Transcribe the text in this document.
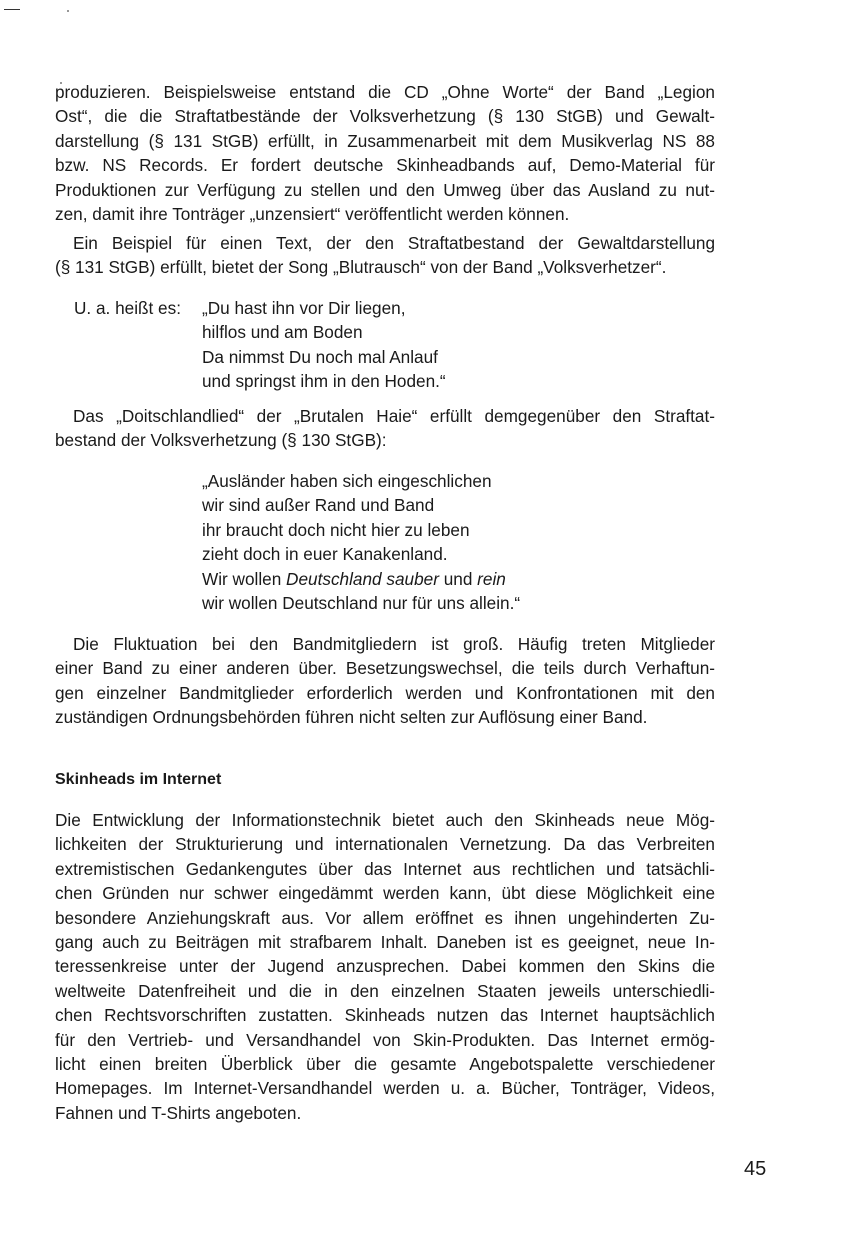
produzieren. Beispielsweise entstand die CD „Ohne Worte“ der Band „Legion
Ost“, die die Straftatbestände der Volksverhetzung (§ 130 StGB) und Gewalt-
darstellung (§ 131 StGB) erfüllt, in Zusammenarbeit mit dem Musikverlag NS 88
bzw. NS Records. Er fordert deutsche Skinheadbands auf, Demo-Material für
Produktionen zur Verfügung zu stellen und den Umweg über das Ausland zu nut-
zen, damit ihre Tonträger „unzensiert“ veröffentlicht werden können.
Ein Beispiel für einen Text, der den Straftatbestand der Gewaltdarstellung
(§ 131 StGB) erfüllt, bietet der Song „Blutrausch“ von der Band „Volksverhetzer“.
U. a. heißt es: „Du hast ihn vor Dir liegen,
hilflos und am Boden
Da nimmst Du noch mal Anlauf
und springst ihm in den Hoden.“
Das „Doitschlandlied“ der „Brutalen Haie“ erfüllt demgegenüber den Straftat-
bestand der Volksverhetzung (§ 130 StGB):
„Ausländer haben sich eingeschlichen
wir sind außer Rand und Band
ihr braucht doch nicht hier zu leben
zieht doch in euer Kanakenland.
Wir wollen Deutschland sauber und rein
wir wollen Deutschland nur für uns allein.“
Die Fluktuation bei den Bandmitgliedern ist groß. Häufig treten Mitglieder
einer Band zu einer anderen über. Besetzungswechsel, die teils durch Verhaftun-
gen einzelner Bandmitglieder erforderlich werden und Konfrontationen mit den
zuständigen Ordnungsbehörden führen nicht selten zur Auflösung einer Band.
Skinheads im Internet
Die Entwicklung der Informationstechnik bietet auch den Skinheads neue Mög-
lichkeiten der Strukturierung und internationalen Vernetzung. Da das Verbreiten
extremistischen Gedankengutes über das Internet aus rechtlichen und tatsächli-
chen Gründen nur schwer eingedämmt werden kann, übt diese Möglichkeit eine
besondere Anziehungskraft aus. Vor allem eröffnet es ihnen ungehinderten Zu-
gang auch zu Beiträgen mit strafbarem Inhalt. Daneben ist es geeignet, neue In-
teressenkreise unter der Jugend anzusprechen. Dabei kommen den Skins die
weltweite Datenfreiheit und die in den einzelnen Staaten jeweils unterschiedli-
chen Rechtsvorschriften zustatten. Skinheads nutzen das Internet hauptsächlich
für den Vertrieb- und Versandhandel von Skin-Produkten. Das Internet ermög-
licht einen breiten Überblick über die gesamte Angebotspalette verschiedener
Homepages. Im Internet-Versandhandel werden u. a. Bücher, Tonträger, Videos,
Fahnen und T-Shirts angeboten.
45
